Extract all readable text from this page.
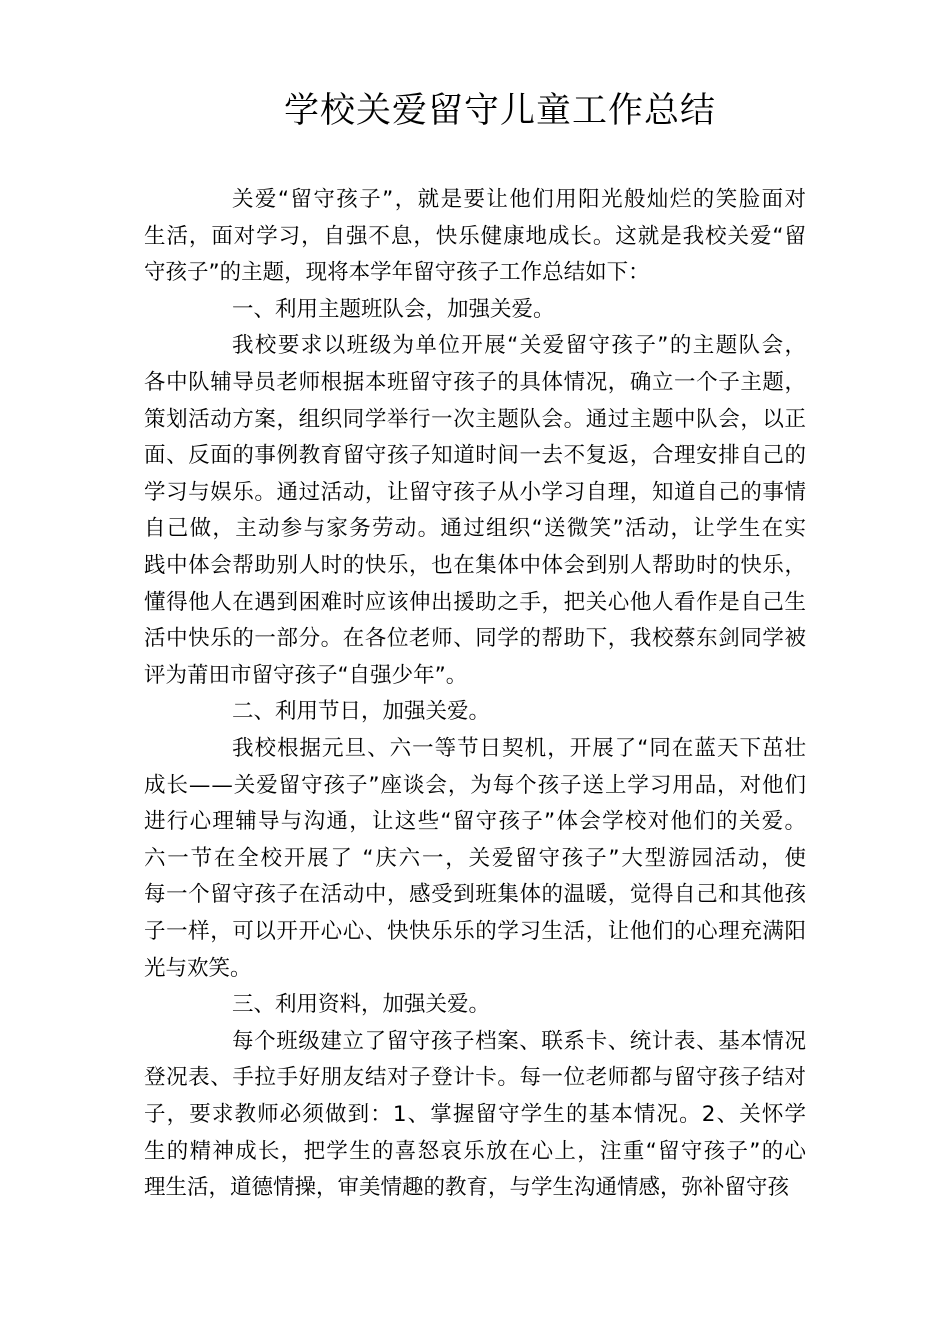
学校关爱留守儿童工作总结
关爱“留守孩子”，就是要让他们用阳光般灿烂的笑脸面对
生活，面对学习，自强不息，快乐健康地成长。这就是我校关爱“留
守孩子”的主题，现将本学年留守孩子工作总结如下：
一、利用主题班队会，加强关爱。
我校要求以班级为单位开展“关爱留守孩子”的主题队会，
各中队辅导员老师根据本班留守孩子的具体情况，确立一个子主题，
策划活动方案，组织同学举行一次主题队会。通过主题中队会，以正
面、反面的事例教育留守孩子知道时间一去不复返，合理安排自己的
学习与娱乐。通过活动，让留守孩子从小学习自理，知道自己的事情
自己做，主动参与家务劳动。通过组织“送微笑”活动，让学生在实
践中体会帮助别人时的快乐，也在集体中体会到别人帮助时的快乐，
懂得他人在遇到困难时应该伸出援助之手，把关心他人看作是自己生
活中快乐的一部分。在各位老师、同学的帮助下，我校蔡东剑同学被
评为莆田市留守孩子“自强少年”。
二、利用节日，加强关爱。
我校根据元旦、六一等节日契机，开展了“同在蓝天下茁壮
成长——关爱留守孩子”座谈会，为每个孩子送上学习用品，对他们
进行心理辅导与沟通，让这些“留守孩子”体会学校对他们的关爱。
六一节在全校开展了 “庆六一，关爱留守孩子”大型游园活动，使
每一个留守孩子在活动中，感受到班集体的温暖，觉得自己和其他孩
子一样，可以开开心心、快快乐乐的学习生活，让他们的心理充满阳
光与欢笑。
三、利用资料，加强关爱。
每个班级建立了留守孩子档案、联系卡、统计表、基本情况
登况表、手拉手好朋友结对子登计卡。每一位老师都与留守孩子结对
子，要求教师必须做到：1、掌握留守学生的基本情况。2、关怀学
生的精神成长，把学生的喜怒哀乐放在心上，注重“留守孩子”的心
理生活，道德情操，审美情趣的教育，与学生沟通情感，弥补留守孩
